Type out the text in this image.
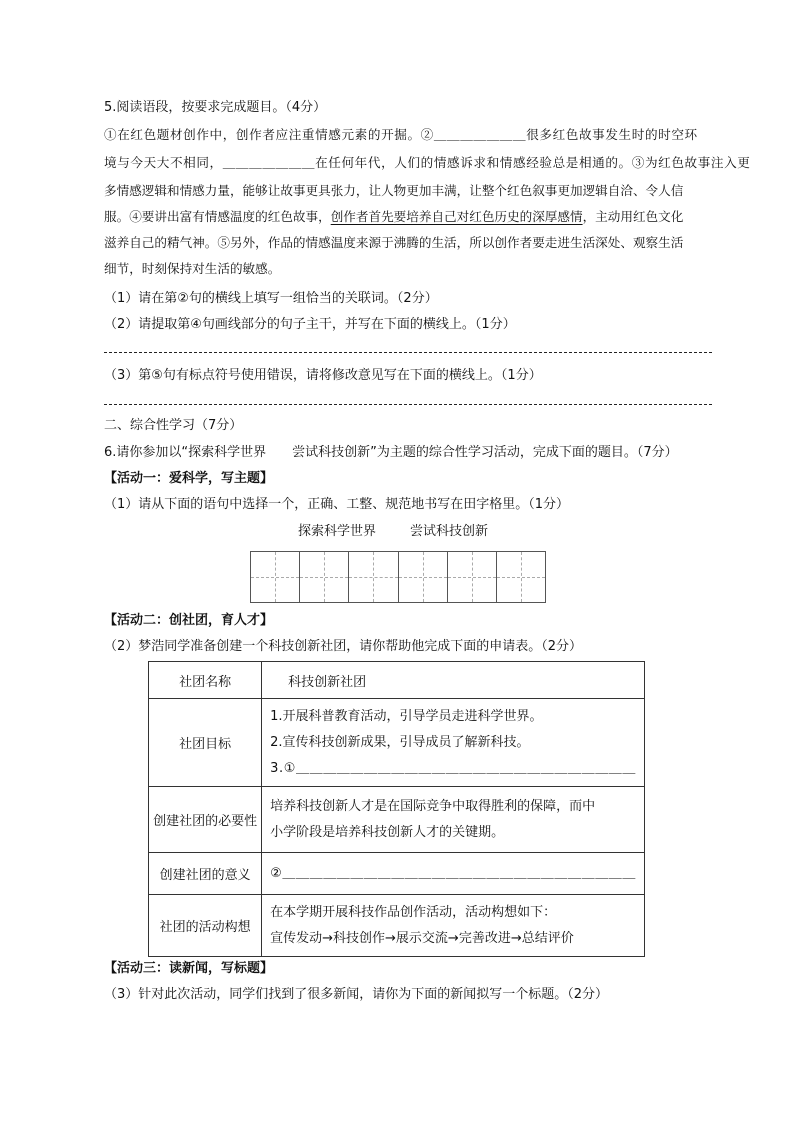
5.阅读语段，按要求完成题目。（4分）
①在红色题材创作中，创作者应注重情感元素的开掘。②＿＿＿＿＿＿＿很多红色故事发生时的时空环
境与今天大不相同，＿＿＿＿＿＿＿在任何年代，人们的情感诉求和情感经验总是相通的。③为红色故事注入更
多情感逻辑和情感力量，能够让故事更具张力，让人物更加丰满，让整个红色叙事更加逻辑自洽、令人信
服。④要讲出富有情感温度的红色故事，创作者首先要培养自己对红色历史的深厚感情，主动用红色文化
滋养自己的精气神。⑤另外，作品的情感温度来源于沸腾的生活，所以创作者要走进生活深处、观察生活
细节，时刻保持对生活的敏感。
（1）请在第②句的横线上填写一组恰当的关联词。（2分）
（2）请提取第④句画线部分的句子主干，并写在下面的横线上。（1分）
（3）第⑤句有标点符号使用错误，请将修改意见写在下面的横线上。（1分）
二、综合性学习（7分）
6.请你参加以“探索科学世界　　尝试科技创新”为主题的综合性学习活动，完成下面的题目。（7分）
【活动一：爱科学，写主题】
（1）请从下面的语句中选择一个，正确、工整、规范地书写在田字格里。（1分）
探索科学世界	尝试科技创新
【活动二：创社团，育人才】
（2）梦浩同学准备创建一个科技创新社团，请你帮助他完成下面的申请表。（2分）
社团名称	科技创新社团
社团目标	1.开展科普教育活动，引导学员走进科学世界。
2.宣传科技创新成果，引导成员了解新科技。
3.①＿＿＿＿＿＿＿＿＿＿＿＿＿＿＿＿＿＿＿＿＿＿＿＿＿

创建社团的必要性	培养科技创新人才是在国际竞争中取得胜利的保障，而中
小学阶段是培养科技创新人才的关键期。

创建社团的意义	②＿＿＿＿＿＿＿＿＿＿＿＿＿＿＿＿＿＿＿＿＿＿＿＿＿＿

社团的活动构想	在本学期开展科技作品创作活动，活动构想如下：
宣传发动→科技创作→展示交流→完善改进→总结评价
【活动三：读新闻，写标题】
（3）针对此次活动，同学们找到了很多新闻，请你为下面的新闻拟写一个标题。（2分）
